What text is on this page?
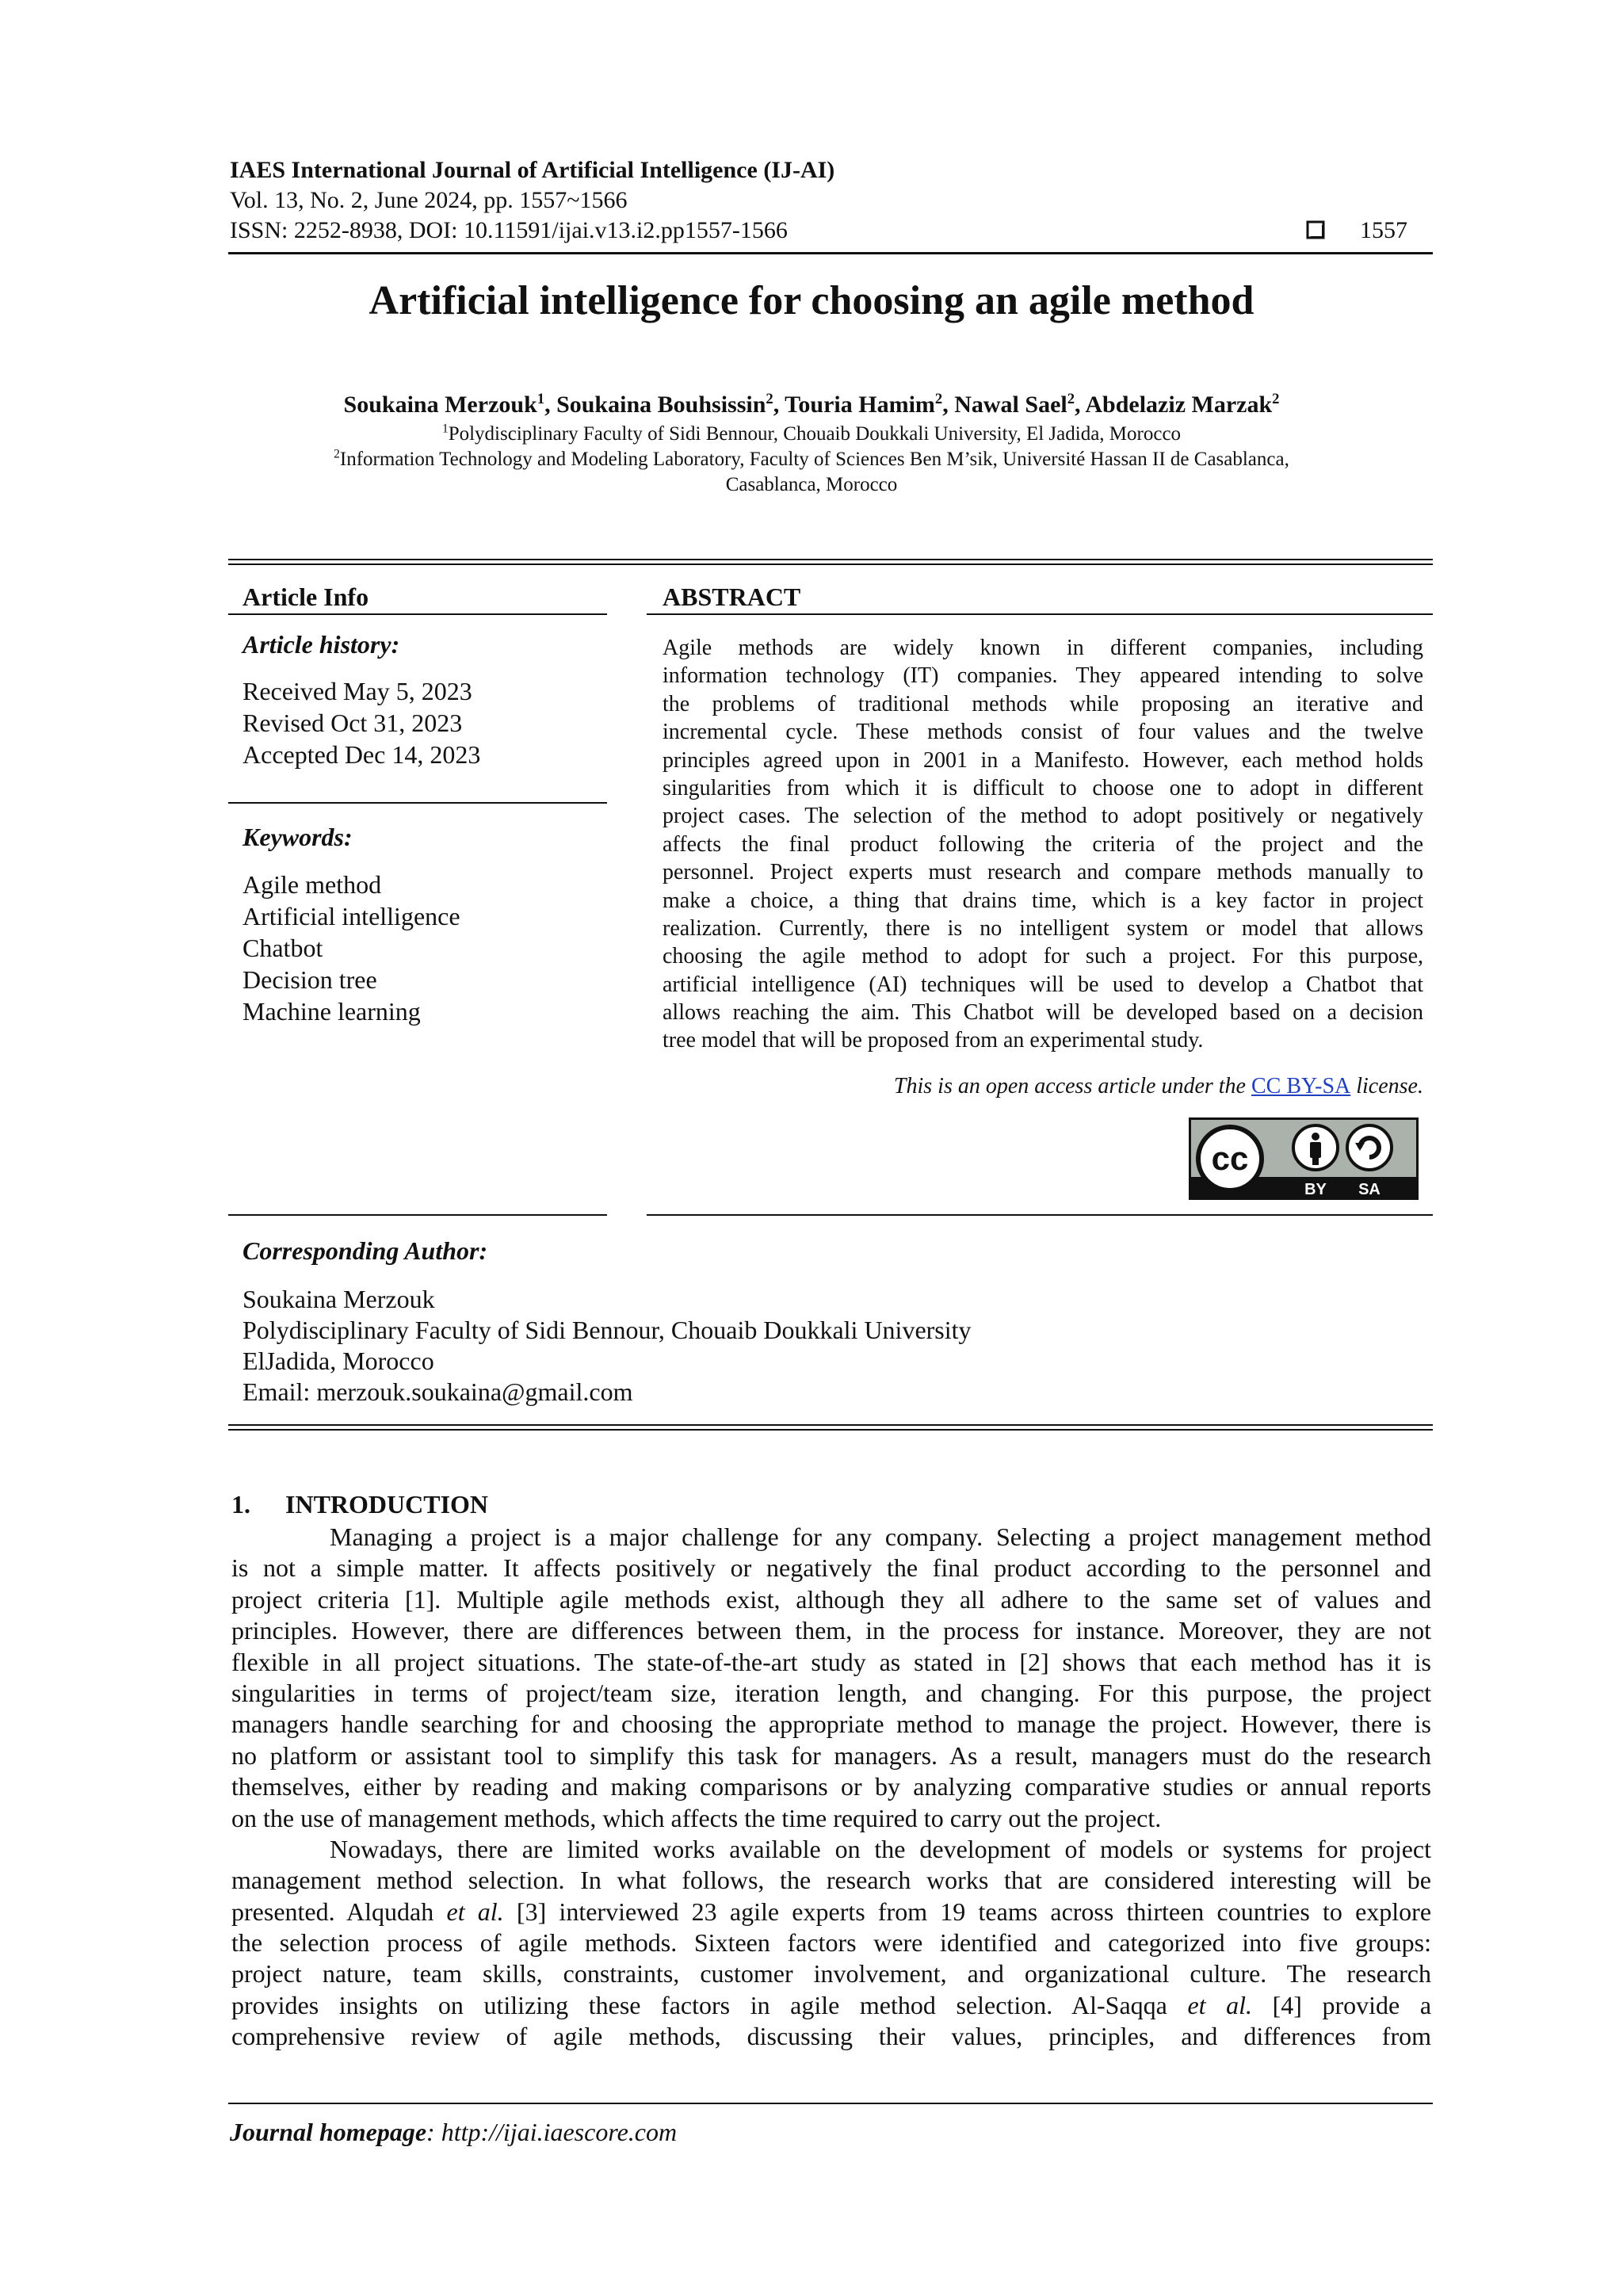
IAES International Journal of Artificial Intelligence (IJ-AI)
Vol. 13, No. 2, June 2024, pp. 1557~1566
ISSN: 2252-8938, DOI: 10.11591/ijai.v13.i2.pp1557-1566	1557
Artificial intelligence for choosing an agile method
Soukaina Merzouk$^1$, Soukaina Bouhsissin$^2$, Touria Hamim$^2$, Nawal Sael$^2$, Abdelaziz Marzak$^2$
$^1$Polydisciplinary Faculty of Sidi Bennour, Chouaib Doukkali University, El Jadida, Morocco
$^2$Information Technology and Modeling Laboratory, Faculty of Sciences Ben M’sik, Université Hassan II de Casablanca,
Casablanca, Morocco
Article Info
Article history:
Received May 5, 2023
Revised Oct 31, 2023
Accepted Dec 14, 2023
Keywords:
Agile method
Artificial intelligence
Chatbot
Decision tree
Machine learning
ABSTRACT
Agile methods are widely known in different companies, including
information technology (IT) companies. They appeared intending to solve
the problems of traditional methods while proposing an iterative and
incremental cycle. These methods consist of four values and the twelve
principles agreed upon in 2001 in a Manifesto. However, each method holds
singularities from which it is difficult to choose one to adopt in different
project cases. The selection of the method to adopt positively or negatively
affects the final product following the criteria of the project and the
personnel. Project experts must research and compare methods manually to
make a choice, a thing that drains time, which is a key factor in project
realization. Currently, there is no intelligent system or model that allows
choosing the agile method to adopt for such a project. For this purpose,
artificial intelligence (AI) techniques will be used to develop a Chatbot that
allows reaching the aim. This Chatbot will be developed based on a decision
tree model that will be proposed from an experimental study.
This is an open access article under the CC BY-SA license.
cc
BY SA
Corresponding Author:
Soukaina Merzouk
Polydisciplinary Faculty of Sidi Bennour, Chouaib Doukkali University
ElJadida, Morocco
Email: merzouk.soukaina@gmail.com
1. INTRODUCTION
Managing a project is a major challenge for any company. Selecting a project management method
is not a simple matter. It affects positively or negatively the final product according to the personnel and
project criteria [1]. Multiple agile methods exist, although they all adhere to the same set of values and
principles. However, there are differences between them, in the process for instance. Moreover, they are not
flexible in all project situations. The state-of-the-art study as stated in [2] shows that each method has it is
singularities in terms of project/team size, iteration length, and changing. For this purpose, the project
managers handle searching for and choosing the appropriate method to manage the project. However, there is
no platform or assistant tool to simplify this task for managers. As a result, managers must do the research
themselves, either by reading and making comparisons or by analyzing comparative studies or annual reports
on the use of management methods, which affects the time required to carry out the project.
Nowadays, there are limited works available on the development of models or systems for project
management method selection. In what follows, the research works that are considered interesting will be
presented. Alqudah et al. [3] interviewed 23 agile experts from 19 teams across thirteen countries to explore
the selection process of agile methods. Sixteen factors were identified and categorized into five groups:
project nature, team skills, constraints, customer involvement, and organizational culture. The research
provides insights on utilizing these factors in agile method selection. Al-Saqqa et al. [4] provide a
comprehensive review of agile methods, discussing their values, principles, and differences from
Journal homepage: http://ijai.iaescore.com
